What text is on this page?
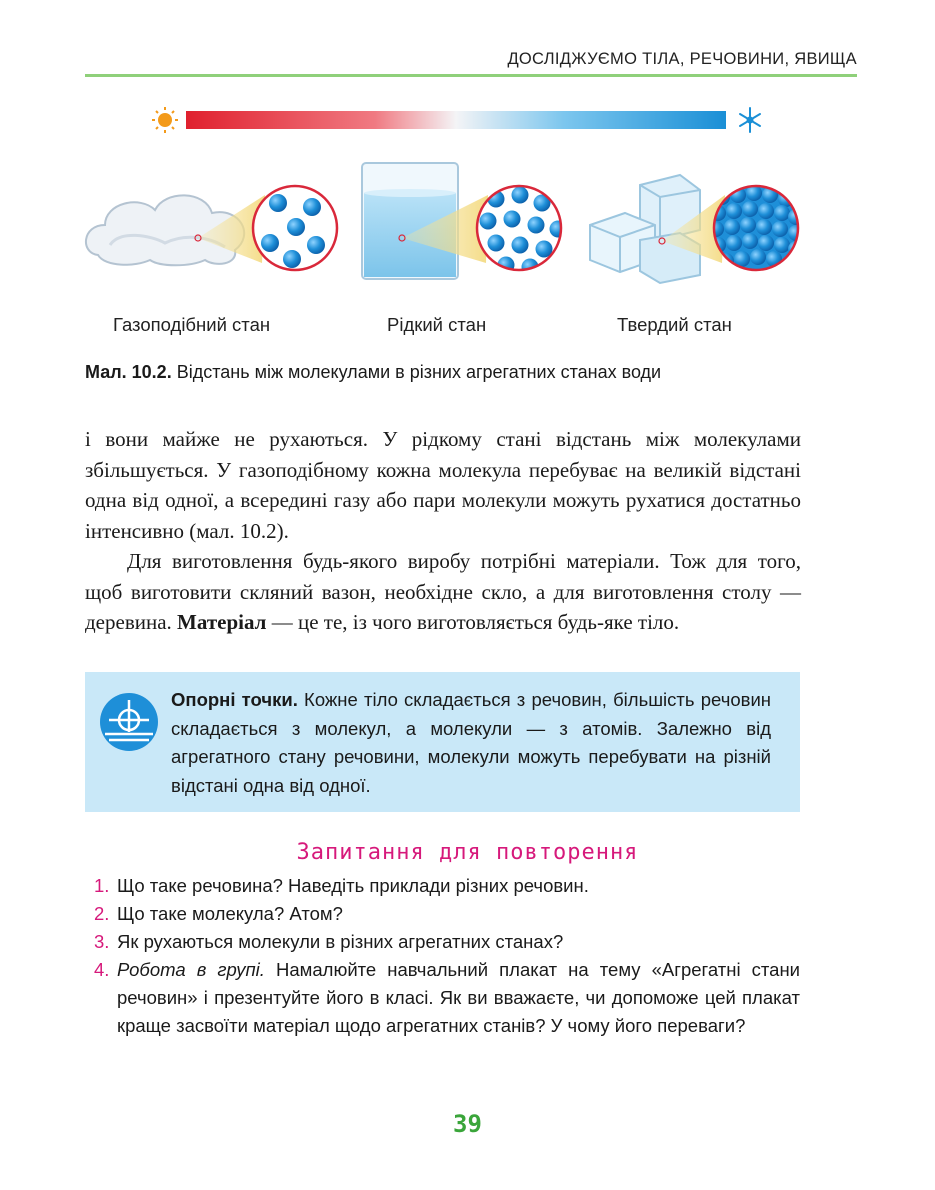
ДОСЛІДЖУЄМО ТІЛА, РЕЧОВИНИ, ЯВИЩА
Газоподібний стан	Рідкий стан	Твердий стан
Мал. 10.2. Відстань між молекулами в різних агрегатних станах води

і вони майже не рухаються. У рідкому стані відстань між молекулами збільшується. У газоподібному кожна молекула перебуває на великій відстані одна від одної, а всередині газу або пари молекули можуть рухатися достатньо інтенсивно (мал. 10.2).

Для виготовлення будь-якого виробу потрібні матеріали. Тож для того, щоб виготовити скляний вазон, необхідне скло, а для виготовлення столу — деревина. Матеріал — це те, із чого виготовляється будь-яке тіло.

Опорні точки. Кожне тіло складається з речовин, більшість речовин складається з молекул, а молекули — з атомів. Залежно від агрегатного стану речовини, молекули можуть перебувати на різній відстані одна від одної.
Запитання для повторення
1. Що таке речовина? Наведіть приклади різних речовин.
2. Що таке молекула? Атом?
3. Як рухаються молекули в різних агрегатних станах?
4. Робота в групі. Намалюйте навчальний плакат на тему «Агрегатні стани речовин» і презентуйте його в класі. Як ви вважаєте, чи допоможе цей плакат краще засвоїти матеріал щодо агрегатних станів? У чому його переваги?
39
